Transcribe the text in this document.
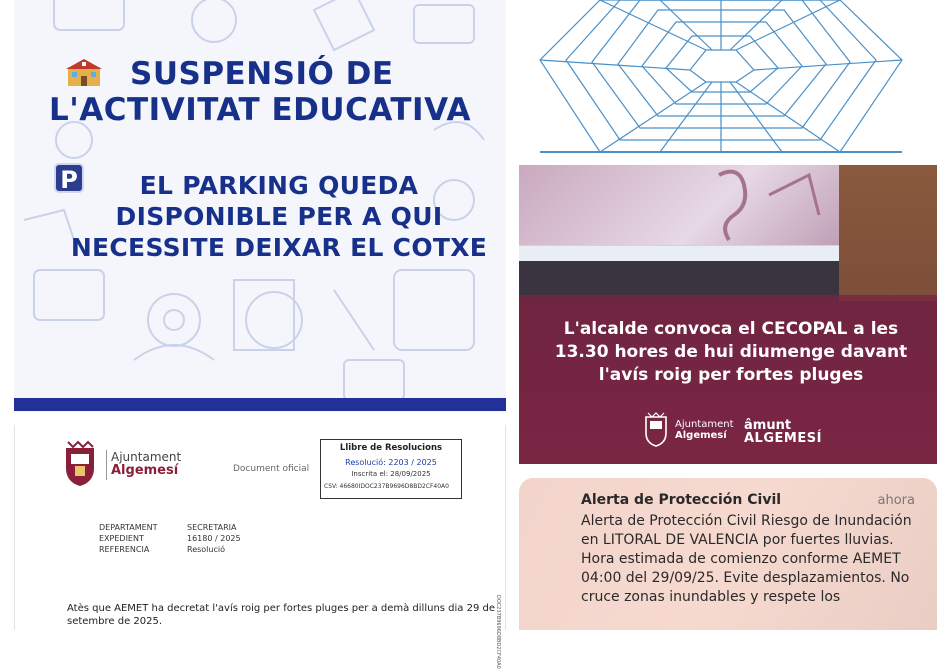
SUSPENSIÓ DE
L'ACTIVITAT EDUCATIVA
P	EL PARKING QUEDA DISPONIBLE PER A QUI NECESSITE DEIXAR EL COTXE
L'alcalde convoca el CECOPAL a les 13.30 hores de hui diumenge davant l'avís roig per fortes pluges
Ajuntament
Algemesí
âmunt
ALGEMESÍ
Ajuntament
Algemesí	Document oficial
Llibre de Resolucions
Resolució: 2203 / 2025
Inscrita el: 28/09/2025
CSV: 46680IDOC237B9696D8BD2CF40A0
DEPARTAMENT	SECRETARIA
EXPEDIENT	16180 / 2025
REFERENCIA	Resolució
Atès que AEMET ha decretat l'avís roig per fortes pluges per a demà dilluns dia 29 de setembre de 2025.	DOC237B9696D8BD2CF40A0
Alerta de Protección Civil	ahora
Alerta de Protección Civil Riesgo de Inundación en LITORAL DE VALENCIA por fuertes lluvias. Hora estimada de comienzo conforme AEMET 04:00 del 29/09/25. Evite desplazamientos. No cruce zonas inundables y respete los
